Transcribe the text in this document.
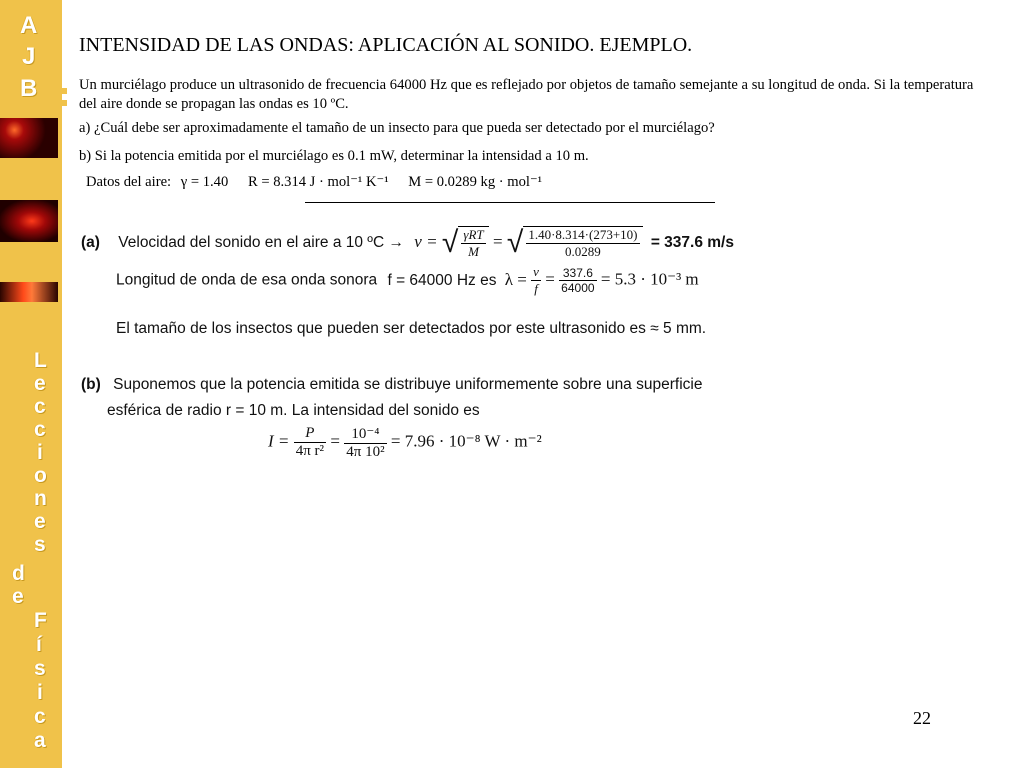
A
J
B
L
e
c
c
i
o
n
e
s
d
e
F
í
s
i
c
a
INTENSIDAD DE LAS ONDAS: APLICACIÓN AL SONIDO. EJEMPLO.
Un murciélago produce un ultrasonido de frecuencia 64000 Hz que es reflejado por objetos de tamaño semejante a su longitud de onda. Si la temperatura del aire donde se propagan las ondas es 10 ºC.
a) ¿Cuál debe ser aproximadamente el tamaño de un insecto para que pueda ser detectado por el murciélago?
b) Si la potencia emitida por el murciélago es 0.1 mW, determinar la intensidad a 10 m.
Datos del aire: γ = 1.40 R = 8.314 J · mol⁻¹ K⁻¹ M = 0.0289 kg · mol⁻¹
(a) Velocidad del sonido en el aire a 10 ºC → v = √ $\frac{\text{γRT}}{M}$ = √ $\frac{1.40\cdot 8.314\cdot(273+10)}{0.0289} = 337.6$ m/s
Longitud de onda de esa onda sonora f = 64000 Hz es $\lambda = \frac{v}{f} = \frac{337.6}{64000} = 5.3 \cdot 10^{-3}$ m
El tamaño de los insectos que pueden ser detectados por este ultrasonido es ≈ 5 mm.
(b) Suponemos que la potencia emitida se distribuye uniformemente sobre una superficie
esférica de radio r = 10 m. La intensidad del sonido es
$I = \frac{P}{\text{4π r²}} = \frac{\text{10⁻⁴}}{\text{4π 10²}} = 7.96 \cdot 10^{-8}$ W · m⁻²
22
